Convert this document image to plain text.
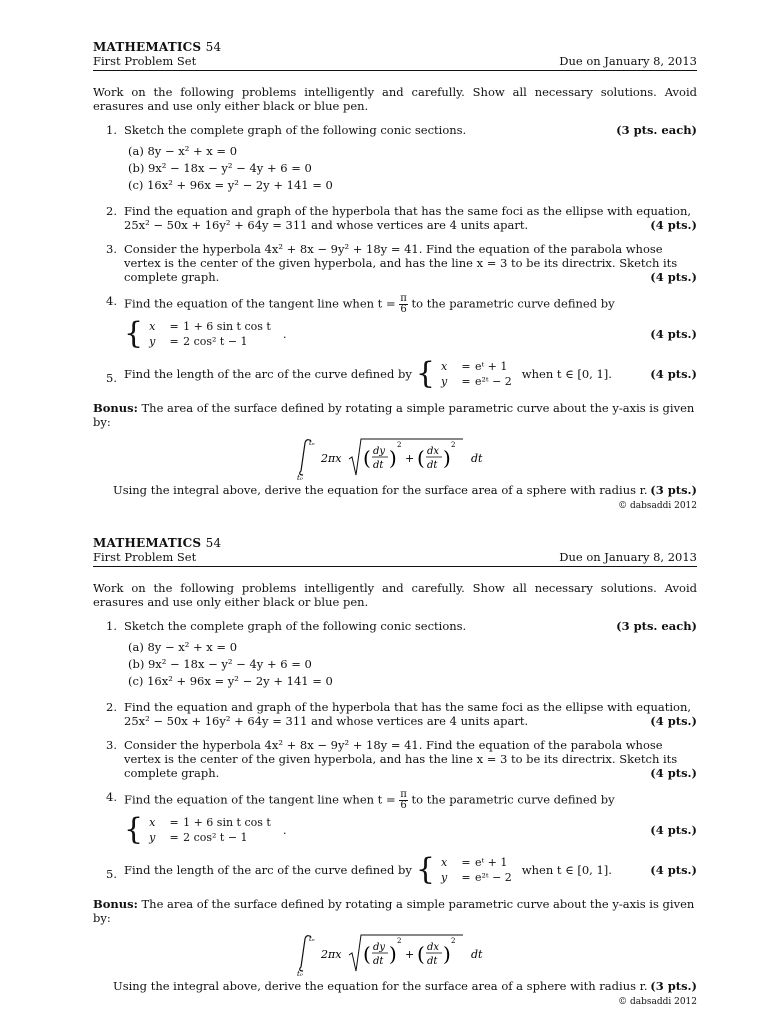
MATHEMATICS 54
First Problem Set	Due on January 8, 2013
Work on the following problems intelligently and carefully. Show all necessary solutions. Avoid erasures and use only either black or blue pen.
1.	(3 pts. each)
Sketch the complete graph of the following conic sections.
(a) 8y − x² + x = 0
(b) 9x² − 18x − y² − 4y + 6 = 0
(c) 16x² + 96x = y² − 2y + 141 = 0
2. Find the equation and graph of the hyperbola that has the same foci as the ellipse with equation, 25x² − 50x + 16y² + 64y = 311 and whose vertices are 4 units apart.	(4 pts.)
3. Consider the hyperbola 4x² + 8x − 9y² + 18y = 41. Find the equation of the parabola whose vertex is the center of the given hyperbola, and has the line x = 3 to be its directrix. Sketch its complete graph.	(4 pts.)
4. Find the equation of the tangent line when $t = \frac{\pi}{6}$ to the parametric curve defined by
{ x = 1 + 6 sin t cos t
y = 2 cos² t − 1
.	(4 pts.)
5. Find the length of the arc of the curve defined by { x = eᵗ + 1
y = e²ᵗ − 2
when t ∈ [0, 1].	(4 pts.)
Bonus: The area of the surface defined by rotating a simple parametric curve about the y-axis is given by:
tₙ
t₀
2πx ( dy
dt )
2
+ ( dx
dt )
2
dt
Using the integral above, derive the equation for the surface area of a sphere with radius r. (3 pts.)
© dabsaddi 2012
MATHEMATICS 54
First Problem Set	Due on January 8, 2013
Work on the following problems intelligently and carefully. Show all necessary solutions. Avoid erasures and use only either black or blue pen.
1.	(3 pts. each)
Sketch the complete graph of the following conic sections.
(a) 8y − x² + x = 0
(b) 9x² − 18x − y² − 4y + 6 = 0
(c) 16x² + 96x = y² − 2y + 141 = 0
2. Find the equation and graph of the hyperbola that has the same foci as the ellipse with equation, 25x² − 50x + 16y² + 64y = 311 and whose vertices are 4 units apart.	(4 pts.)
3. Consider the hyperbola 4x² + 8x − 9y² + 18y = 41. Find the equation of the parabola whose vertex is the center of the given hyperbola, and has the line x = 3 to be its directrix. Sketch its complete graph.	(4 pts.)
4. Find the equation of the tangent line when $t = \frac{\pi}{6}$ to the parametric curve defined by
{ x = 1 + 6 sin t cos t
y = 2 cos² t − 1
.	(4 pts.)
5. Find the length of the arc of the curve defined by { x = eᵗ + 1
y = e²ᵗ − 2
when t ∈ [0, 1].	(4 pts.)
Bonus: The area of the surface defined by rotating a simple parametric curve about the y-axis is given by:
tₙ
t₀
2πx ( dy
dt )
2
+ ( dx
dt )
2
dt
Using the integral above, derive the equation for the surface area of a sphere with radius r. (3 pts.)
© dabsaddi 2012
